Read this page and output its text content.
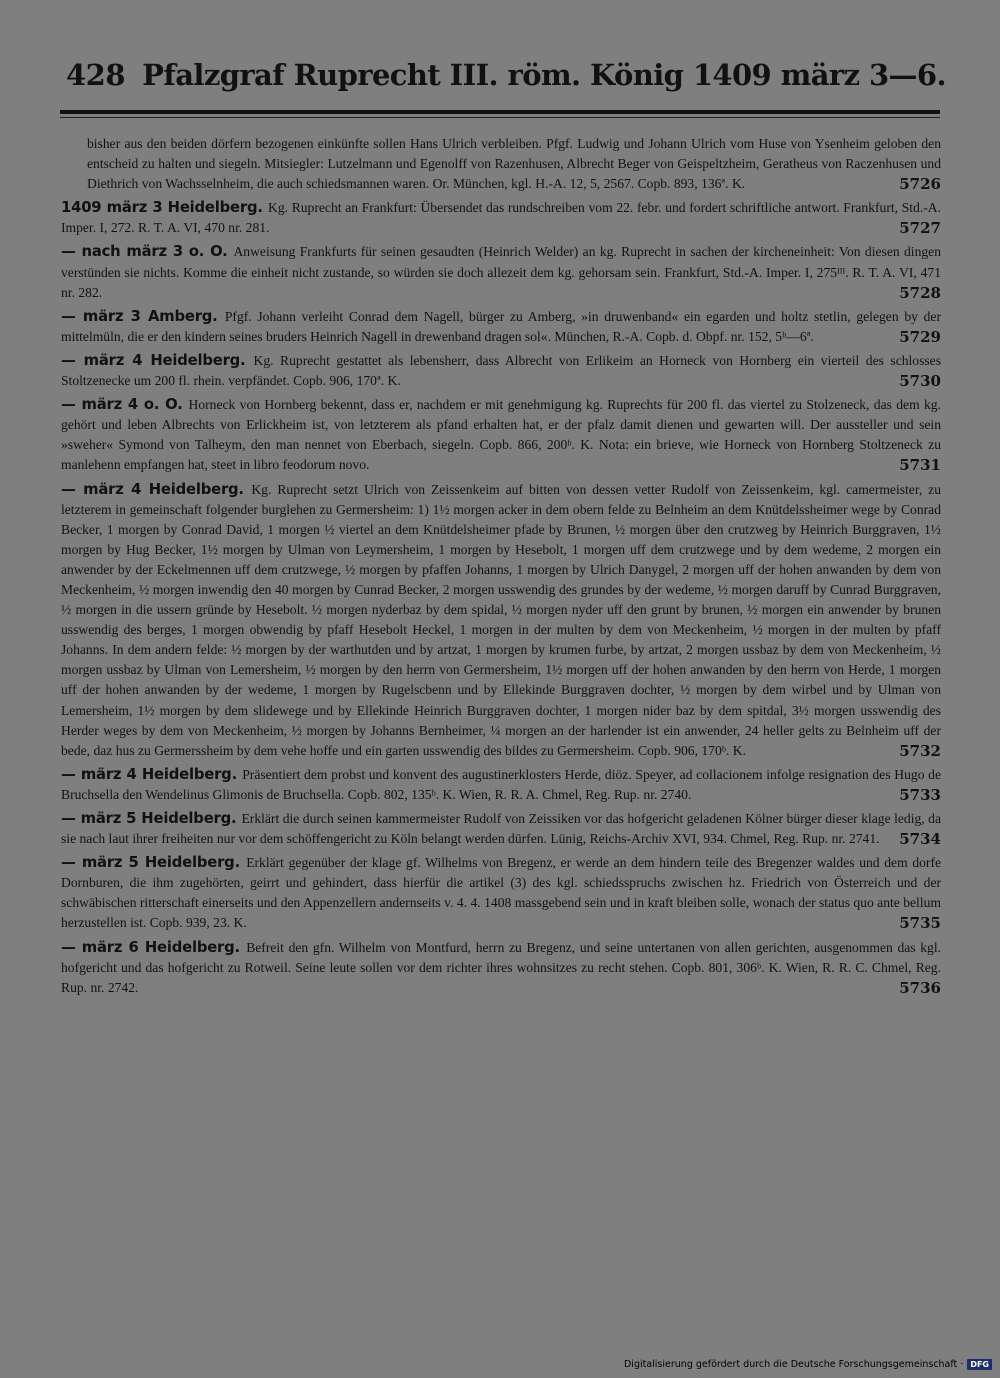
428 Pfalzgraf Ruprecht III. röm. König 1409 märz 3—6.
bisher aus den beiden dörfern bezogenen einkünfte sollen Hans Ulrich verbleiben. Pfgf. Ludwig und Johann Ulrich vom Huse von Ysenheim geloben den entscheid zu halten und siegeln. Mitsiegler: Lutzelmann und Egenolff von Razenhusen, Albrecht Beger von Geispeltzheim, Geratheus von Raczenhusen und Diethrich von Wachsselnheim, die auch schiedsmannen waren. Or. München, kgl. H.-A. 12, 5, 2567. Copb. 893, 136ª. K.	5726
1409 märz 3 Heidelberg. Kg. Ruprecht an Frankfurt: Übersendet das rundschreiben vom 22. febr. und fordert schriftliche antwort. Frankfurt, Std.-A. Imper. I, 272. R. T. A. VI, 470 nr. 281.	5727
— nach märz 3 o. O. Anweisung Frankfurts für seinen gesaudten (Heinrich Welder) an kg. Ruprecht in sachen der kircheneinheit: Von diesen dingen verstünden sie nichts. Komme die einheit nicht zustande, so würden sie doch allezeit dem kg. gehorsam sein. Frankfurt, Std.-A. Imper. I, 275ᴵᴵᴵ. R. T. A. VI, 471 nr. 282.	5728
— märz 3 Amberg. Pfgf. Johann verleiht Conrad dem Nagell, bürger zu Amberg, »in druwenband« ein egarden und holtz stetlin, gelegen by der mittelmüln, die er den kindern seines bruders Heinrich Nagell in drewenband dragen sol«. München, R.-A. Copb. d. Obpf. nr. 152, 5ᵇ—6ª.	5729
— märz 4 Heidelberg. Kg. Ruprecht gestattet als lebensherr, dass Albrecht von Erlikeim an Horneck von Hornberg ein vierteil des schlosses Stoltzenecke um 200 fl. rhein. verpfändet. Copb. 906, 170ª. K.	5730
— märz 4 o. O. Horneck von Hornberg bekennt, dass er, nachdem er mit genehmigung kg. Ruprechts für 200 fl. das viertel zu Stolzeneck, das dem kg. gehört und leben Albrechts von Erlickheim ist, von letzterem als pfand erhalten hat, er der pfalz damit dienen und gewarten will. Der aussteller und sein »sweher« Symond von Talheym, den man nennet von Eberbach, siegeln. Copb. 866, 200ᵇ. K. Nota: ein brieve, wie Horneck von Hornberg Stoltzeneck zu manlehenn empfangen hat, steet in libro feodorum novo.	5731
— märz 4 Heidelberg. Kg. Ruprecht setzt Ulrich von Zeissenkeim auf bitten von dessen vetter Rudolf von Zeissenkeim, kgl. camermeister, zu letzterem in gemeinschaft folgender burglehen zu Germersheim: 1) 1½ morgen acker in dem obern felde zu Belnheim an dem Knütdelssheimer wege by Conrad Becker, 1 morgen by Conrad David, 1 morgen ½ viertel an dem Knütdelsheimer pfade by Brunen, ½ morgen über den crutzweg by Heinrich Burggraven, 1½ morgen by Hug Becker, 1½ morgen by Ulman von Leymersheim, 1 morgen by Hesebolt, 1 morgen uff dem crutzwege und by dem wedeme, 2 morgen ein anwender by der Eckelmennen uff dem crutzwege, ½ morgen by pfaffen Johanns, 1 morgen by Ulrich Danygel, 2 morgen uff der hohen anwanden by dem von Meckenheim, ½ morgen inwendig den 40 morgen by Cunrad Becker, 2 morgen usswendig des grundes by der wedeme, ½ morgen daruff by Cunrad Burggraven, ½ morgen in die ussern gründe by Hesebolt. ½ morgen nyderbaz by dem spidal, ½ morgen nyder uff den grunt by brunen, ½ morgen ein anwender by brunen usswendig des berges, 1 morgen obwendig by pfaff Hesebolt Heckel, 1 morgen in der multen by dem von Meckenheim, ½ morgen in der multen by pfaff Johanns. In dem andern felde: ½ morgen by der warthutden und by artzat, 1 morgen by krumen furbe, by artzat, 2 morgen ussbaz by dem von Meckenheim, ½ morgen ussbaz by Ulman von Lemersheim, ½ morgen by den herrn von Germersheim, 1½ morgen uff der hohen anwanden by den herrn von Herde, 1 morgen uff der hohen anwanden by der wedeme, 1 morgen by Rugelscbenn und by Ellekinde Burggraven dochter, ½ morgen by dem wirbel und by Ulman von Lemersheim, 1½ morgen by dem slidewege und by Ellekinde Heinrich Burggraven dochter, 1 morgen nider baz by dem spitdal, 3½ morgen usswendig des Herder weges by dem von Meckenheim, ½ morgen by Johanns Bernheimer, ¼ morgen an der harlender ist ein anwender, 24 heller gelts zu Belnheim uff der bede, daz hus zu Germerssheim by dem vehe hoffe und ein garten usswendig des bildes zu Germersheim. Copb. 906, 170ᵇ. K.	5732
— märz 4 Heidelberg. Präsentiert dem probst und konvent des augustinerklosters Herde, diöz. Speyer, ad collacionem infolge resignation des Hugo de Bruchsella den Wendelinus Glimonis de Bruchsella. Copb. 802, 135ᵇ. K. Wien, R. R. A. Chmel, Reg. Rup. nr. 2740.	5733
— märz 5 Heidelberg. Erklärt die durch seinen kammermeister Rudolf von Zeissiken vor das hofgericht geladenen Kölner bürger dieser klage ledig, da sie nach laut ihrer freiheiten nur vor dem schöffengericht zu Köln belangt werden dürfen. Lünig, Reichs-Archiv XVI, 934. Chmel, Reg. Rup. nr. 2741. 5734
— märz 5 Heidelberg. Erklärt gegenüber der klage gf. Wilhelms von Bregenz, er werde an dem hindern teile des Bregenzer waldes und dem dorfe Dornburen, die ihm zugehörten, geirrt und gehindert, dass hierfür die artikel (3) des kgl. schiedsspruchs zwischen hz. Friedrich von Österreich und der schwäbischen ritterschaft einerseits und den Appenzellern andernseits v. 4. 4. 1408 massgebend sein und in kraft bleiben solle, wonach der status quo ante bellum herzustellen ist. Copb. 939, 23. K.	5735
— märz 6 Heidelberg. Befreit den gfn. Wilhelm von Montfurd, herrn zu Bregenz, und seine untertanen von allen gerichten, ausgenommen das kgl. hofgericht und das hofgericht zu Rotweil. Seine leute sollen vor dem richter ihres wohnsitzes zu recht stehen. Copb. 801, 306ᵇ. K. Wien, R. R. C. Chmel, Reg. Rup. nr. 2742.	5736
Digitalisierung gefördert durch die Deutsche Forschungsgemeinschaft · DFG
